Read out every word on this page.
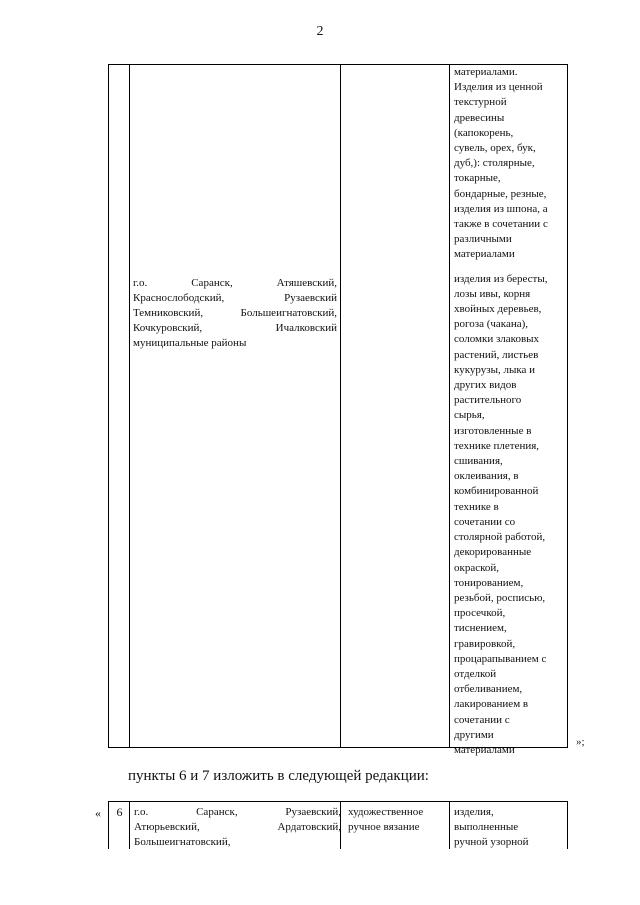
2
г.о. Саранск, Атяшевский,
Краснослободский, Рузаевский
Темниковский, Большеигнатовский,
Кочкуровский, Ичалковский
муниципальные районы
материалами.
Изделия из ценной
текстурной
древесины
(капокорень,
сувель, орех, бук,
дуб,): столярные,
токарные,
бондарные, резные,
изделия из шпона, а
также в сочетании с
различными
материалами
изделия из бересты,
лозы ивы, корня
хвойных деревьев,
рогоза (чакана),
соломки злаковых
растений, листьев
кукурузы, лыка и
других видов
растительного
сырья,
изготовленные в
технике плетения,
сшивания,
оклеивания, в
комбинированной
технике в
сочетании со
столярной работой,
декорированные
окраской,
тонированием,
резьбой, росписью,
просечкой,
тиснением,
гравировкой,
процарапыванием с
отделкой
отбеливанием,
лакированием в
сочетании с
другими
материалами
»;
пункты 6 и 7 изложить в следующей редакции:
«	6	г.о. Саранск, Рузаевский,
Атюрьевский, Ардатовский,
Большеигнатовский,
художественное
ручное вязание
изделия,
выполненные
ручной узорной
